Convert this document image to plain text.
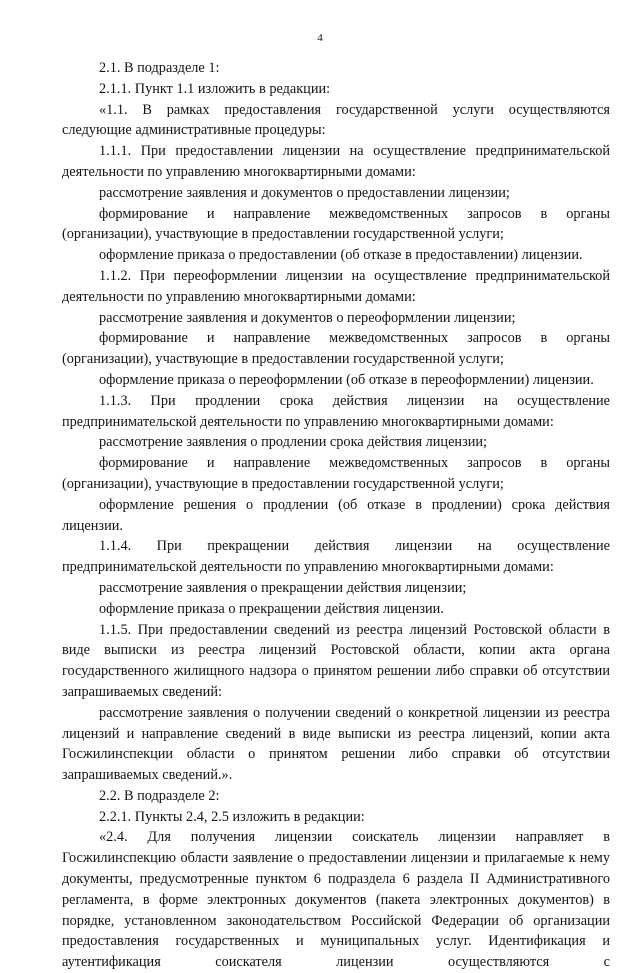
4

2.1. В подразделе 1:

2.1.1. Пункт 1.1 изложить в редакции:

«1.1. В рамках предоставления государственной услуги осуществляются следующие административные процедуры:

1.1.1. При предоставлении лицензии на осуществление предпринимательской деятельности по управлению многоквартирными домами:

рассмотрение заявления и документов о предоставлении лицензии;

формирование и направление межведомственных запросов в органы (организации), участвующие в предоставлении государственной услуги;

оформление приказа о предоставлении (об отказе в предоставлении) лицензии.

1.1.2. При переоформлении лицензии на осуществление предпринимательской деятельности по управлению многоквартирными домами:

рассмотрение заявления и документов о переоформлении лицензии;

формирование и направление межведомственных запросов в органы (организации), участвующие в предоставлении государственной услуги;

оформление приказа о переоформлении (об отказе в переоформлении) лицензии.

1.1.3. При продлении срока действия лицензии на осуществление предпринимательской деятельности по управлению многоквартирными домами:

рассмотрение заявления о продлении срока действия лицензии;

формирование и направление межведомственных запросов в органы (организации), участвующие в предоставлении государственной услуги;

оформление решения о продлении (об отказе в продлении) срока действия лицензии.

1.1.4. При прекращении действия лицензии на осуществление предпринимательской деятельности по управлению многоквартирными домами:

рассмотрение заявления о прекращении действия лицензии;

оформление приказа о прекращении действия лицензии.

1.1.5. При предоставлении сведений из реестра лицензий Ростовской области в виде выписки из реестра лицензий Ростовской области, копии акта органа государственного жилищного надзора о принятом решении либо справки об отсутствии запрашиваемых сведений:

рассмотрение заявления о получении сведений о конкретной лицензии из реестра лицензий и направление сведений в виде выписки из реестра лицензий, копии акта Госжилинспекции области о принятом решении либо справки об отсутствии запрашиваемых сведений.».

2.2. В подразделе 2:

2.2.1. Пункты 2.4, 2.5 изложить в редакции:

«2.4. Для получения лицензии соискатель лицензии направляет в Госжилинспекцию области заявление о предоставлении лицензии и прилагаемые к нему документы, предусмотренные пунктом 6 подраздела 6 раздела II Административного регламента, в форме электронных документов (пакета электронных документов) в порядке, установленном законодательством Российской Федерации об организации предоставления государственных и муниципальных услуг. Идентификация и аутентификация соискателя лицензии осуществляются с
